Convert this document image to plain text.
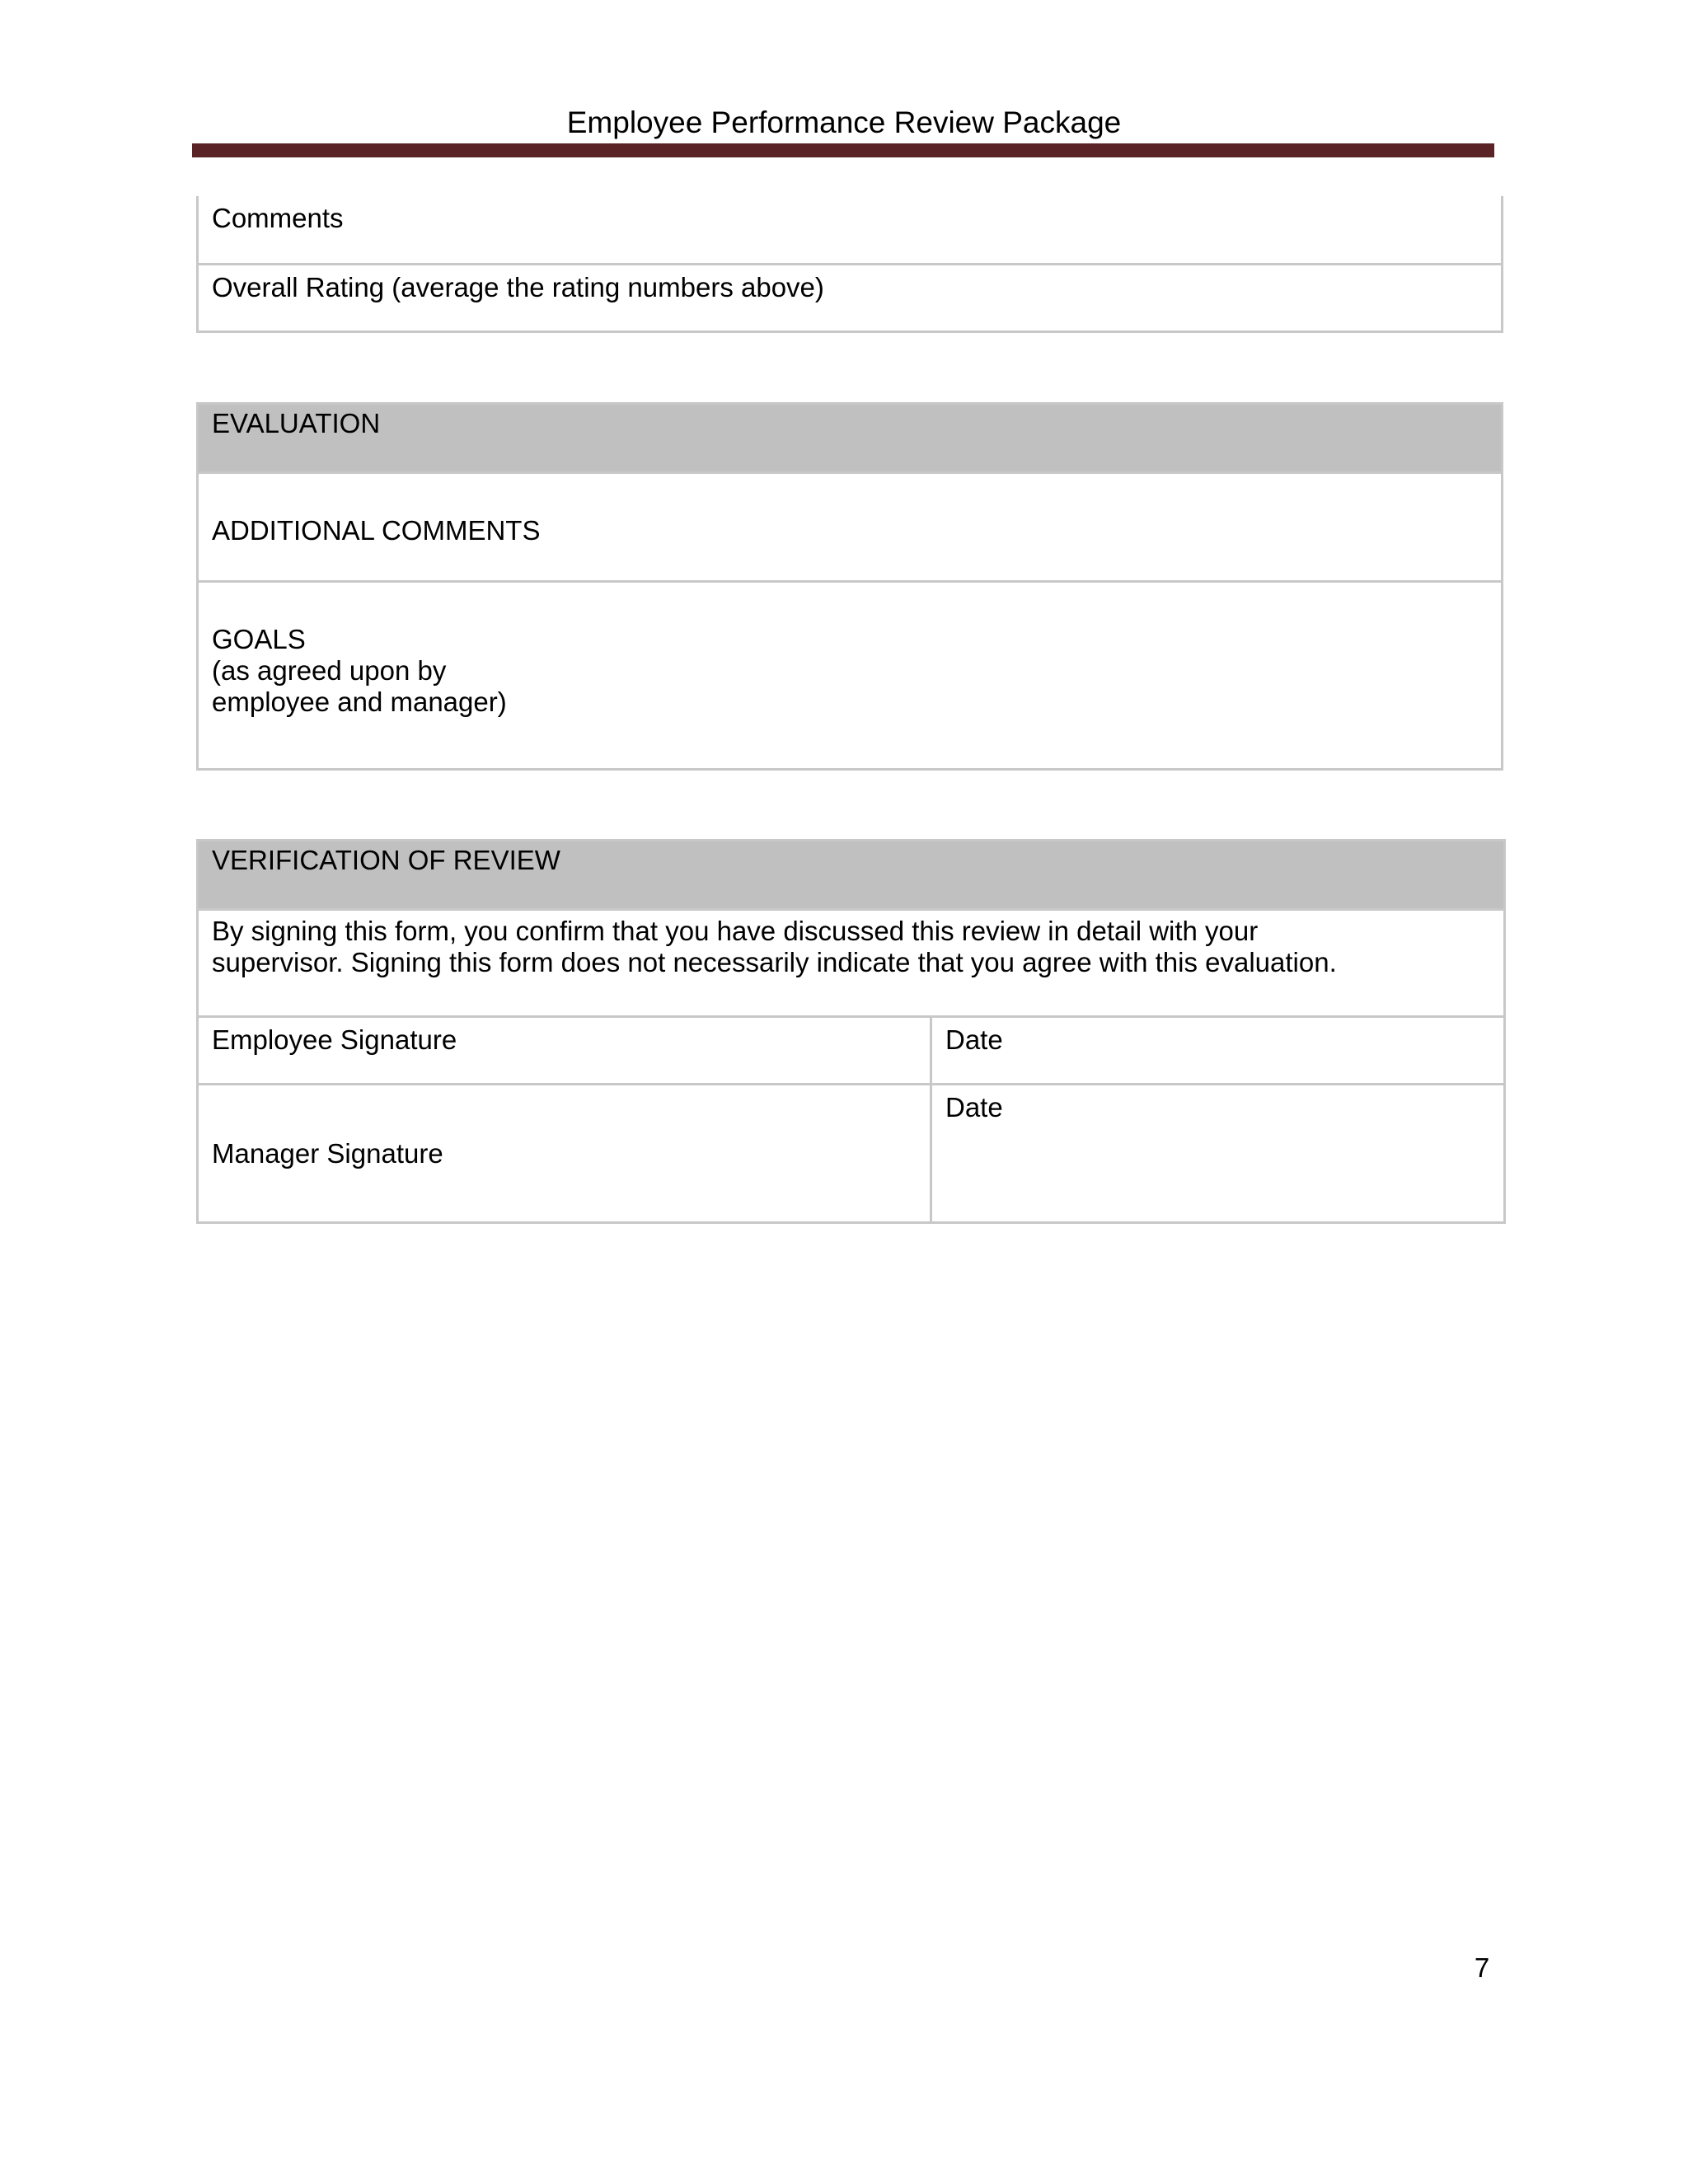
Employee Performance Review Package
Comments

Overall Rating (average the rating numbers above)
EVALUATION

ADDITIONAL COMMENTS

GOALS
(as agreed upon by
employee and manager)
VERIFICATION OF REVIEW	

By signing this form, you confirm that you have discussed this review in detail with your
supervisor. Signing this form does not necessarily indicate that you agree with this evaluation.	

Employee Signature	Date

Manager Signature	Date
7
